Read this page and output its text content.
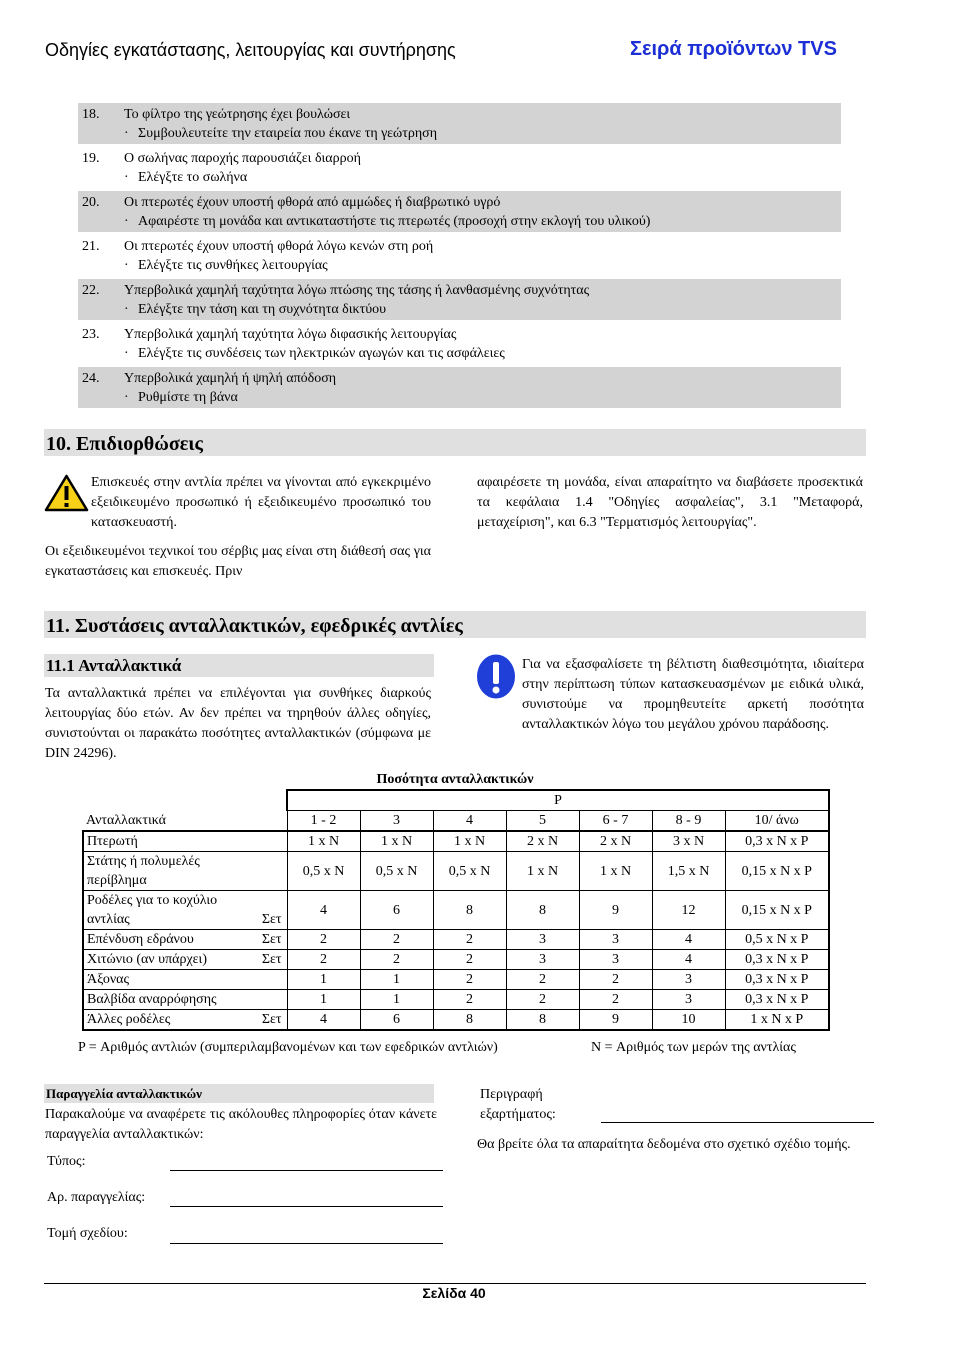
Οδηγίες εγκατάστασης, λειτουργίας και συντήρησης	Σειρά προϊόντων TVS
18.	Το φίλτρο της γεώτρησης έχει βουλώσει
· Συμβουλευτείτε την εταιρεία που έκανε τη γεώτρηση

19.	Ο σωλήνας παροχής παρουσιάζει διαρροή
· Ελέγξτε το σωλήνα

20.	Οι πτερωτές έχουν υποστή φθορά από αμμώδες ή διαβρωτικό υγρό
· Αφαιρέστε τη μονάδα και αντικαταστήστε τις πτερωτές (προσοχή στην εκλογή του υλικού)

21.	Οι πτερωτές έχουν υποστή φθορά λόγω κενών στη ροή
· Ελέγξτε τις συνθήκες λειτουργίας

22.	Υπερβολικά χαμηλή ταχύτητα λόγω πτώσης της τάσης ή λανθασμένης συχνότητας
· Ελέγξτε την τάση και τη συχνότητα δικτύου

23.	Υπερβολικά χαμηλή ταχύτητα λόγω διφασικής λειτουργίας
· Ελέγξτε τις συνδέσεις των ηλεκτρικών αγωγών και τις ασφάλειες

24.	Υπερβολικά χαμηλή ή ψηλή απόδοση
· Ρυθμίστε τη βάνα
10. Επιδιορθώσεις
Επισκευές στην αντλία πρέπει να γίνονται από εγκεκριμένο εξειδικευμένο προσωπικό ή εξειδικευμένο προσωπικό του κατασκευαστή.
Οι εξειδικευμένοι τεχνικοί του σέρβις μας είναι στη διάθεσή σας για εγκαταστάσεις και επισκευές. Πριν
αφαιρέσετε τη μονάδα, είναι απαραίτητο να διαβάσετε προσεκτικά τα κεφάλαια 1.4 "Οδηγίες ασφαλείας", 3.1 "Μεταφορά, μεταχείριση", και 6.3 "Τερματισμός λειτουργίας".
11. Συστάσεις ανταλλακτικών, εφεδρικές αντλίες
11.1 Ανταλλακτικά
Τα ανταλλακτικά πρέπει να επιλέγονται για συνθήκες διαρκούς λειτουργίας δύο ετών. Αν δεν πρέπει να τηρηθούν άλλες οδηγίες, συνιστούνται οι παρακάτω ποσότητες ανταλλακτικών (σύμφωνα με DIN 24296).
Για να εξασφαλίσετε τη βέλτιστη διαθεσιμότητα, ιδιαίτερα στην περίπτωση τύπων κατασκευασμένων με ειδικά υλικά, συνιστούμε να προμηθευτείτε αρκετή ποσότητα ανταλλακτικών λόγω του μεγάλου χρόνου παράδοσης.
Ποσότητα ανταλλακτικών
	P						
Ανταλλακτικά	1 - 2	3	4	5	6 - 7	8 - 9	10/ άνω

Πτερωτή	1 x N	1 x N	1 x N	2 x N	2 x N	3 x N	0,3 x N x P

Στάτης ή πολυμελές περίβλημα	0,5 x N	0,5 x N	0,5 x N	1 x N	1 x N	1,5 x N	0,15 x N x P

Ροδέλες για το κοχύλιο αντλίας Σετ	4	6	8	8	9	12	0,15 x N x P

Επένδυση εδράνου Σετ	2	2	2	3	3	4	0,5 x N x P

Χιτώνιο (αν υπάρχει) Σετ	2	2	2	3	3	4	0,3 x N x P

Άξονας	1	1	2	2	2	3	0,3 x N x P

Βαλβίδα αναρρόφησης	1	1	2	2	2	3	0,3 x N x P

Άλλες ροδέλες Σετ	4	6	8	8	9	10	1 x N x P
P = Αριθμός αντλιών (συμπεριλαμβανομένων και των εφεδρικών αντλιών)	N = Αριθμός των μερών της αντλίας
Παραγγελία ανταλλακτικών
Παρακαλούμε να αναφέρετε τις ακόλουθες πληροφορίες όταν κάνετε παραγγελία ανταλλακτικών:
Τύπος:
Αρ. παραγγελίας:
Τομή σχεδίου:
Περιγραφή
εξαρτήματος:
Θα βρείτε όλα τα απαραίτητα δεδομένα στο σχετικό σχέδιο τομής.
Σελίδα 40
